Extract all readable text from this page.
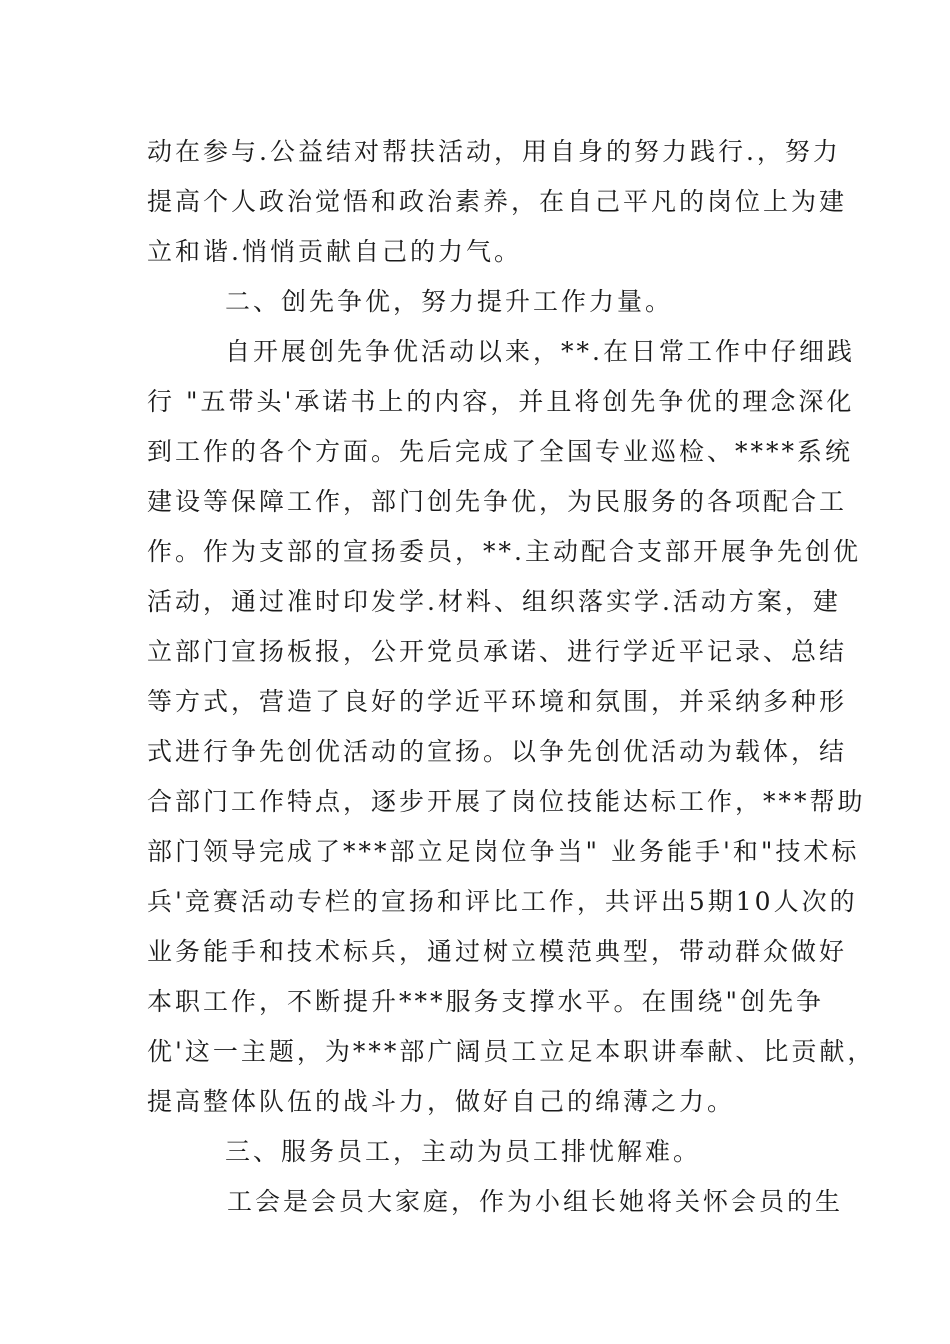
动在参与.公益结对帮扶活动，用自身的努力践行.，努力
提高个人政治觉悟和政治素养，在自己平凡的岗位上为建
立和谐.悄悄贡献自己的力气。
二、创先争优，努力提升工作力量。
自开展创先争优活动以来，**.在日常工作中仔细践
行 "五带头'承诺书上的内容，并且将创先争优的理念深化
到工作的各个方面。先后完成了全国专业巡检、****系统
建设等保障工作，部门创先争优，为民服务的各项配合工
作。作为支部的宣扬委员，**.主动配合支部开展争先创优
活动，通过准时印发学.材料、组织落实学.活动方案，建
立部门宣扬板报，公开党员承诺、进行学近平记录、总结
等方式，营造了良好的学近平环境和氛围，并采纳多种形
式进行争先创优活动的宣扬。以争先创优活动为载体，结
合部门工作特点，逐步开展了岗位技能达标工作，***帮助
部门领导完成了***部立足岗位争当" 业务能手'和"技术标
兵'竞赛活动专栏的宣扬和评比工作，共评出5期10人次的
业务能手和技术标兵，通过树立模范典型，带动群众做好
本职工作，不断提升***服务支撑水平。在围绕"创先争
优'这一主题，为***部广阔员工立足本职讲奉献、比贡献，
提高整体队伍的战斗力，做好自己的绵薄之力。
三、服务员工，主动为员工排忧解难。
工会是会员大家庭，作为小组长她将关怀会员的生
